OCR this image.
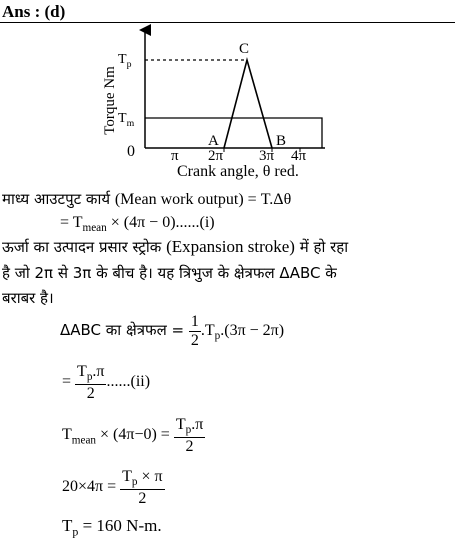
Ans : (d)
Torque Nm
$T_p$
$T_m$
C
A	B
0 π 2π 3π 4π
Crank angle, θ red.
माध्य आउटपुट कार्य (Mean work output) = T.Δθ
= $T_{mean} \times (4\pi - 0)......(i)$
ऊर्जा का उत्पादन प्रसार स्ट्रोक (Expansion stroke) में हो रहा
है जो 2π से 3π के बीच है। यह त्रिभुज के क्षेत्रफल ΔABC के
बराबर है।
ΔABC का क्षेत्रफल = $\frac{1}{2} .T_p.(3\pi - 2\pi)$
= $\frac{T_p.\pi}{2} ......(ii)$
$T_{mean} \times (4\pi-0) = \frac{T_p.\pi}{2}$
$20\times 4\pi = \frac{T_p \times \pi}{2}$
$T_p = 160$ N-m.
